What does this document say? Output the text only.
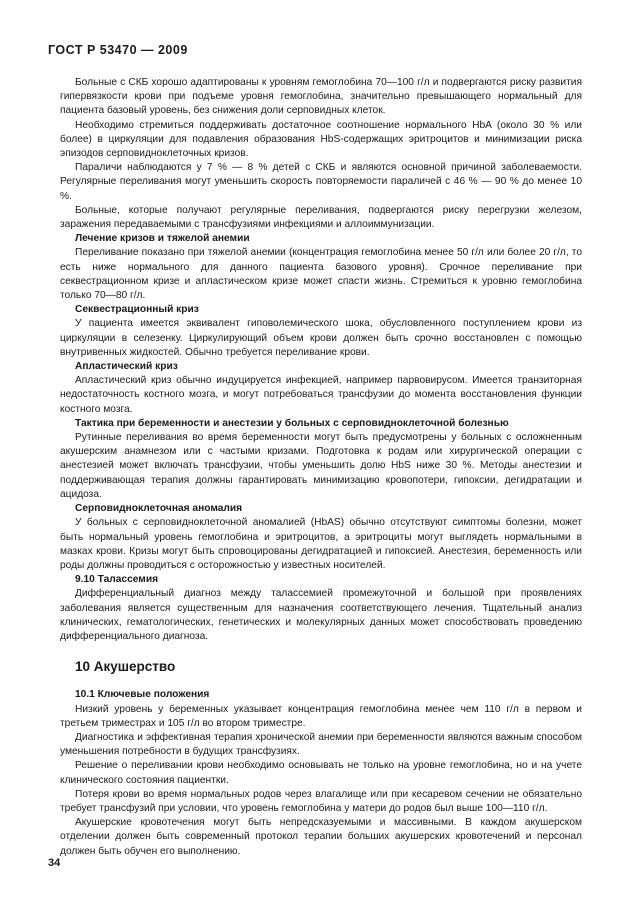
ГОСТ Р 53470 — 2009

Больные с СКБ хорошо адаптированы к уровням гемоглобина 70—100 г/л и подвергаются риску развития гипервязкости крови при подъеме уровня гемоглобина, значительно превышающего нормальный для пациента базовый уровень, без снижения доли серповидных клеток.

Необходимо стремиться поддерживать достаточное соотношение нормального HbA (около 30 % или более) в циркуляции для подавления образования HbS-содержащих эритроцитов и минимизации риска эпизодов серповидноклеточных кризов.

Параличи наблюдаются у 7 % — 8 % детей с СКБ и являются основной причиной заболеваемости. Регулярные переливания могут уменьшить скорость повторяемости параличей с 46 % — 90 % до менее 10 %.

Больные, которые получают регулярные переливания, подвергаются риску перегрузки железом, заражения передаваемыми с трансфузиями инфекциями и аллоиммунизации.

Лечение кризов и тяжелой анемии

Переливание показано при тяжелой анемии (концентрация гемоглобина менее 50 г/л или более 20 г/л, то есть ниже нормального для данного пациента базового уровня). Срочное переливание при секвестрационном кризе и апластическом кризе может спасти жизнь. Стремиться к уровню гемоглобина только 70—80 г/л.

Секвестрационный криз

У пациента имеется эквивалент гиповолемического шока, обусловленного поступлением крови из циркуляции в селезенку. Циркулирующий объем крови должен быть срочно восстановлен с помощью внутривенных жидкостей. Обычно требуется переливание крови.

Апластический криз

Апластический криз обычно индуцируется инфекцией, например парвовирусом. Имеется транзиторная недостаточность костного мозга, и могут потребоваться трансфузии до момента восстановления функции костного мозга.

Тактика при беременности и анестезии у больных с серповидноклеточной болезнью

Рутинные переливания во время беременности могут быть предусмотрены у больных с осложненным акушерским анамнезом или с частыми кризами. Подготовка к родам или хирургической операции с анестезией может включать трансфузии, чтобы уменьшить долю HbS ниже 30 %. Методы анестезии и поддерживающая терапия должны гарантировать минимизацию кровопотери, гипоксии, дегидратации и ацидоза.

Серповидноклеточная аномалия

У больных с серповидноклеточной аномалией (HbAS) обычно отсутствуют симптомы болезни, может быть нормальный уровень гемоглобина и эритроцитов, а эритроциты могут выглядеть нормальными в мазках крови. Кризы могут быть спровоцированы дегидратацией и гипоксией. Анестезия, беременность или роды должны проводиться с осторожностью у известных носителей.

9.10 Талассемия

Дифференциальный диагноз между талассемией промежуточной и большой при проявлениях заболевания является существенным для назначения соответствующего лечения. Тщательный анализ клинических, гематологических, генетических и молекулярных данных может способствовать проведению дифференциального диагноза.

10 Акушерство
10.1 Ключевые положения

Низкий уровень у беременных указывает концентрация гемоглобина менее чем 110 г/л в первом и третьем триместрах и 105 г/л во втором триместре.

Диагностика и эффективная терапия хронической анемии при беременности являются важным способом уменьшения потребности в будущих трансфузиях.

Решение о переливании крови необходимо основывать не только на уровне гемоглобина, но и на учете клинического состояния пациентки.

Потеря крови во время нормальных родов через влагалище или при кесаревом сечении не обязательно требует трансфузий при условии, что уровень гемоглобина у матери до родов был выше 100—110 г/л.

Акушерские кровотечения могут быть непредсказуемыми и массивными. В каждом акушерском отделении должен быть современный протокол терапии больших акушерских кровотечений и персонал должен быть обучен его выполнению.

34
